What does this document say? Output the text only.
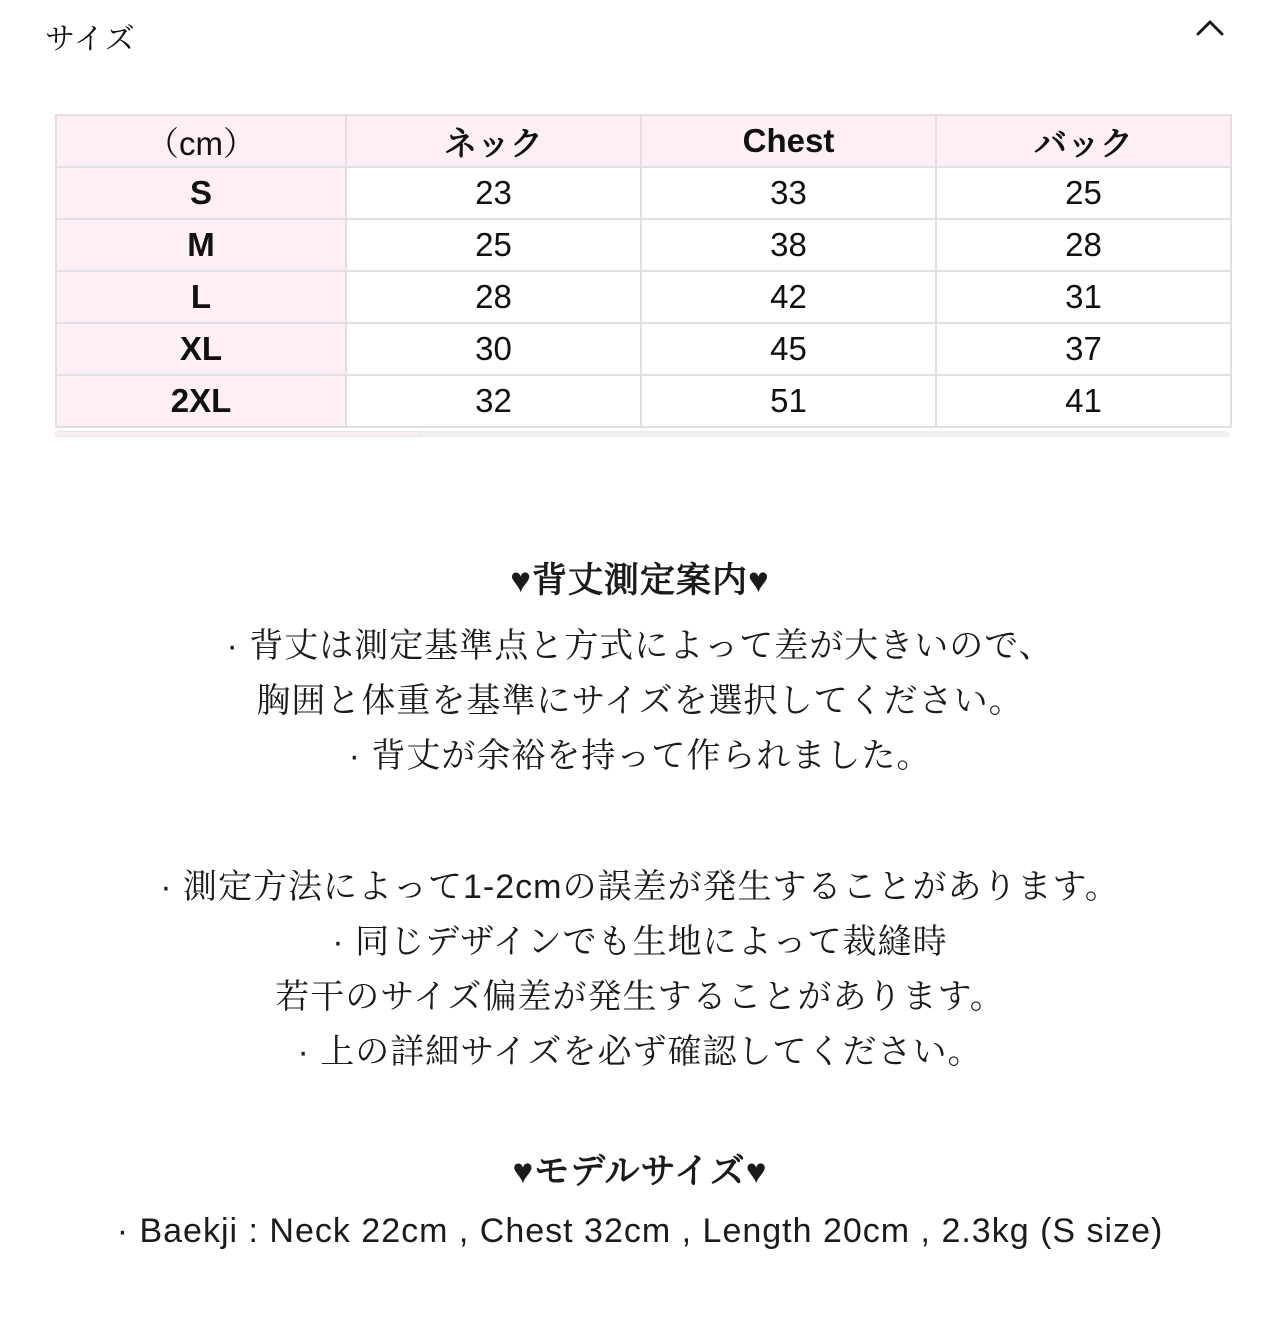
サイズ
（cm）	ネック	Chest	バック
S	23	33	25
M	25	38	28
L	28	42	31
XL	30	45	37
2XL	32	51	41
♥背丈測定案内♥
· 背丈は測定基準点と方式によって差が大きいので、
胸囲と体重を基準にサイズを選択してください。
· 背丈が余裕を持って作られました。
· 測定方法によって1-2cmの誤差が発生することがあります。
· 同じデザインでも生地によって裁縫時
若干のサイズ偏差が発生することがあります。
· 上の詳細サイズを必ず確認してください。
♥モデルサイズ♥
· Baekji : Neck 22cm , Chest 32cm , Length 20cm , 2.3kg (S size)
